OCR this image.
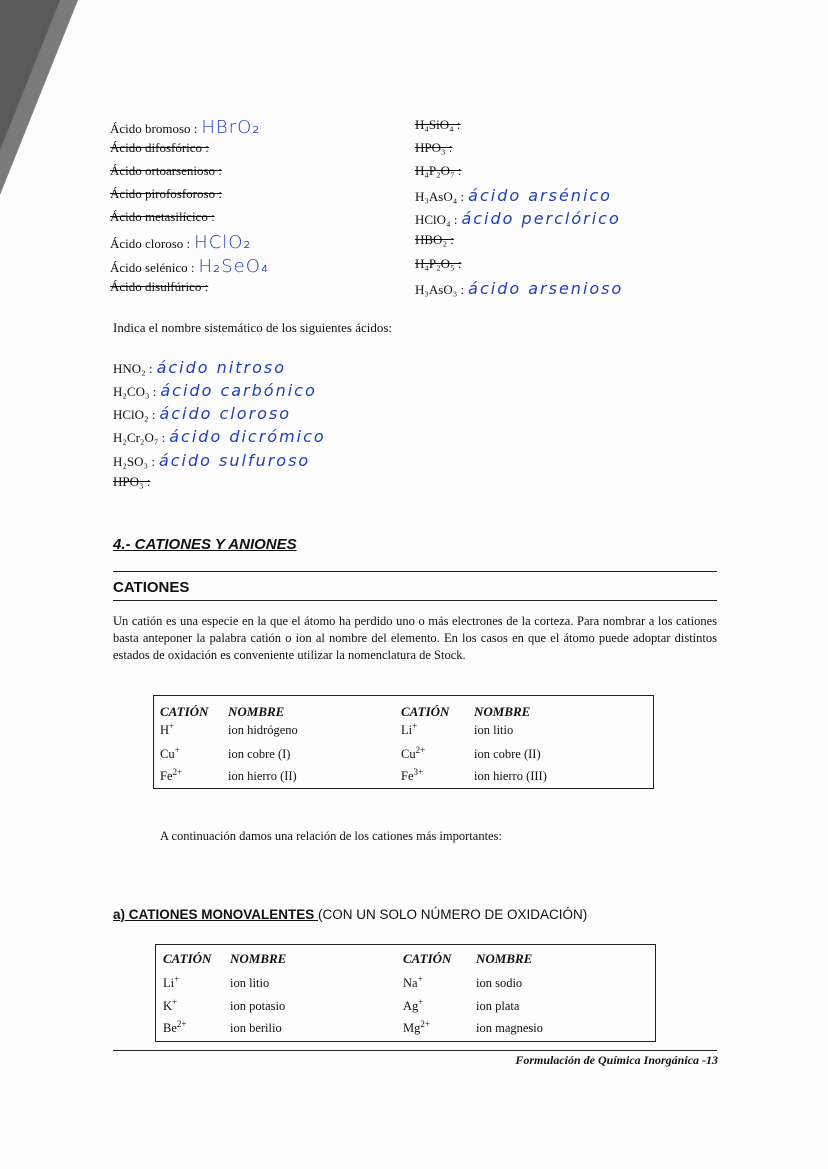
Ácido bromoso : HBrO₂
Ácido difosfórico :
Ácido ortoarsenioso :
Ácido pirofosforoso :
Ácido metasilícico :
Ácido cloroso : HClO₂
Ácido selénico : H₂SeO₄
Ácido disulfúrico :
H₄SiO₄ :
HPO₃ :
H₄P₂O₇ :
H₃AsO₄ : ácido arsénico
HClO₄ : ácido perclórico
HBO₂ :
H₄P₂O₅ :
H₃AsO₃ : ácido arsenioso
Indica el nombre sistemático de los siguientes ácidos:
HNO₂ : ácido nitroso
H₂CO₃ : ácido carbónico
HClO₂ : ácido cloroso
H₂Cr₂O₇ : ácido dicrómico
H₂SO₃ : ácido sulfuroso
HPO₃ :
4.- CATIONES Y ANIONES
CATIONES
Un catión es una especie en la que el átomo ha perdido uno o más electrones de la corteza. Para nombrar a los cationes basta anteponer la palabra catión o ion al nombre del elemento. En los casos en que el átomo puede adoptar distintos estados de oxidación es conveniente utilizar la nomenclatura de Stock.
CATIÓN NOMBRE	CATIÓN NOMBRE
H+	ion hidrógeno	Li+	ion litio
Cu+	ion cobre (I)	$Cu^{2+}$	ion cobre (II)
$Fe^{2+}$	ion hierro (II)	$Fe^{3+}$	ion hierro (III)
A continuación damos una relación de los cationes más importantes:
a) CATIONES MONOVALENTES (CON UN SOLO NÚMERO DE OXIDACIÓN)
CATIÓN NOMBRE	CATIÓN NOMBRE
Li+	ion litio	Na+	ion sodio
K+	ion potasio	Ag+	ion plata
$Be^{2+}$	ion berilio	$Mg^{2+}$	ion magnesio
Formulación de Química Inorgánica -13
